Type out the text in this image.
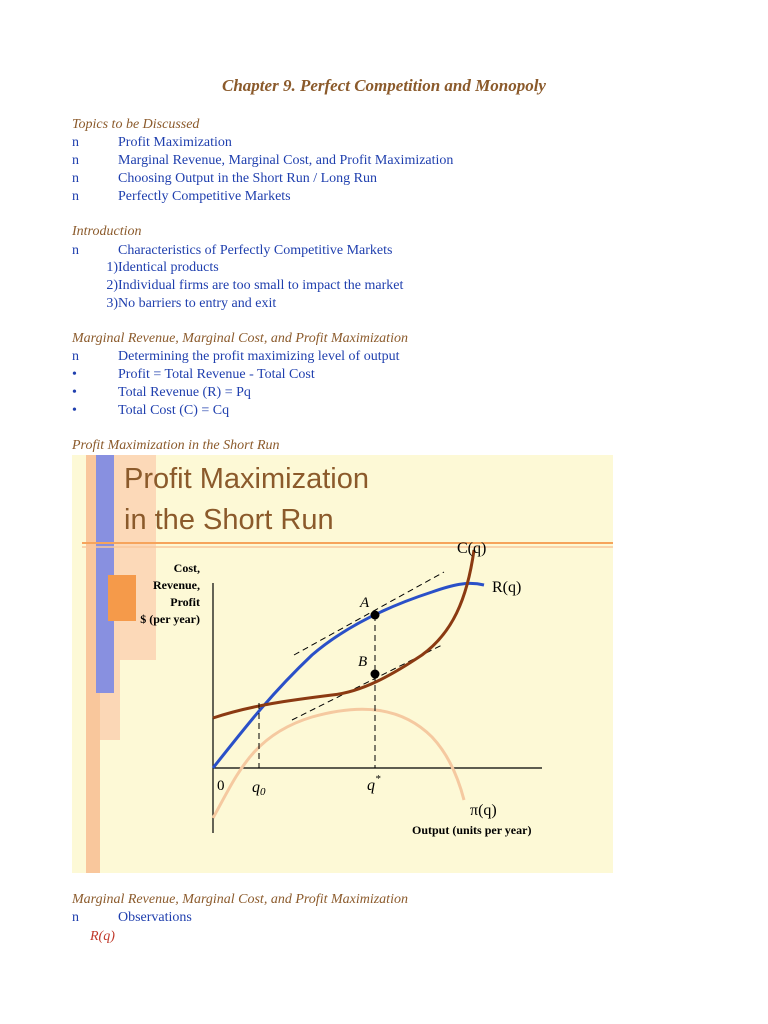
Chapter 9. Perfect Competition and Monopoly
Topics to be Discussed
n	Profit Maximization
n	Marginal Revenue, Marginal Cost, and Profit Maximization
n	Choosing Output in the Short Run / Long Run
n	Perfectly Competitive Markets
Introduction
n	Characteristics of Perfectly Competitive Markets
1) Identical products
2) Individual firms are too small to impact the market
3) No barriers to entry and exit
Marginal Revenue, Marginal Cost, and Profit Maximization
n	Determining the profit maximizing level of output
•	Profit = Total Revenue - Total Cost
•	Total Revenue (R) = Pq
•	Total Cost (C) = Cq
Profit Maximization in the Short Run
Profit Maximization
in the Short Run
Cost,
Revenue,
Profit
$ (per year)
A
B
C(q)
R(q)
π(q)
0 q0	q*
Output (units per year)
Marginal Revenue, Marginal Cost, and Profit Maximization
n	Observations
R(q)
